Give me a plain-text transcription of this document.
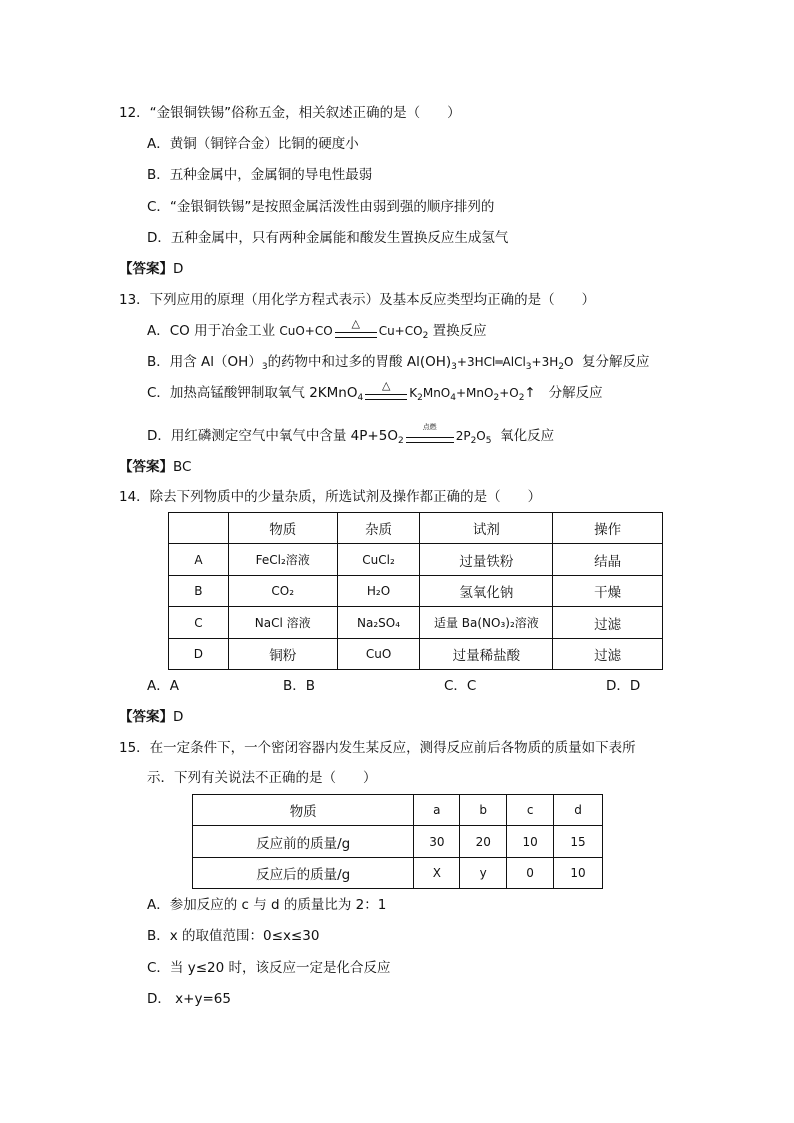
12．“金银铜铁锡”俗称五金，相关叙述正确的是（　　）
A．黄铜（铜锌合金）比铜的硬度小
B．五种金属中，金属铜的导电性最弱
C．“金银铜铁锡”是按照金属活泼性由弱到强的顺序排列的
D．五种金属中，只有两种金属能和酸发生置换反应生成氢气
【答案】D
13．下列应用的原理（用化学方程式表示）及基本反应类型均正确的是（　　）
A．CO 用于冶金工业 CuO+CO
△
$Cu+CO_2$ 置换反应
B．用含 $Al(OH)_3$的药物中和过多的胃酸 $Al(OH)_3+3HCl═AlCl_3+3H_2O$ 复分解反应
C．加热高锰酸钾制取氧气 2KMnO$_4$
△
$K_2MnO_4+MnO_2+O_2↑$ 分解反应
D．用红磷测定空气中氧气中含量 $4P+5O_2$
点燃
$2P_2O_5$ 氧化反应
【答案】BC
14．除去下列物质中的少量杂质，所选试剂及操作都正确的是（　　）
	物质	杂质	试剂	操作
A	FeCl₂溶液	CuCl₂	过量铁粉	结晶
B	CO₂	H₂O	氢氧化钠	干燥
C	NaCl 溶液	Na₂SO₄	适量 Ba(NO₃)₂溶液	过滤
D	铜粉	CuO	过量稀盐酸	过滤
A．A	B．B	C．C	D．D
【答案】D
15．在一定条件下，一个密闭容器内发生某反应，测得反应前后各物质的质量如下表所
示．下列有关说法不正确的是（　　）
物质	a	b	c	d
反应前的质量/g	30	20	10	15
反应后的质量/g	X	y	0	10
A．参加反应的 c 与 d 的质量比为 2：1
B．x 的取值范围：0≤x≤30
C．当 y≤20 时，该反应一定是化合反应
D． x+y=65
